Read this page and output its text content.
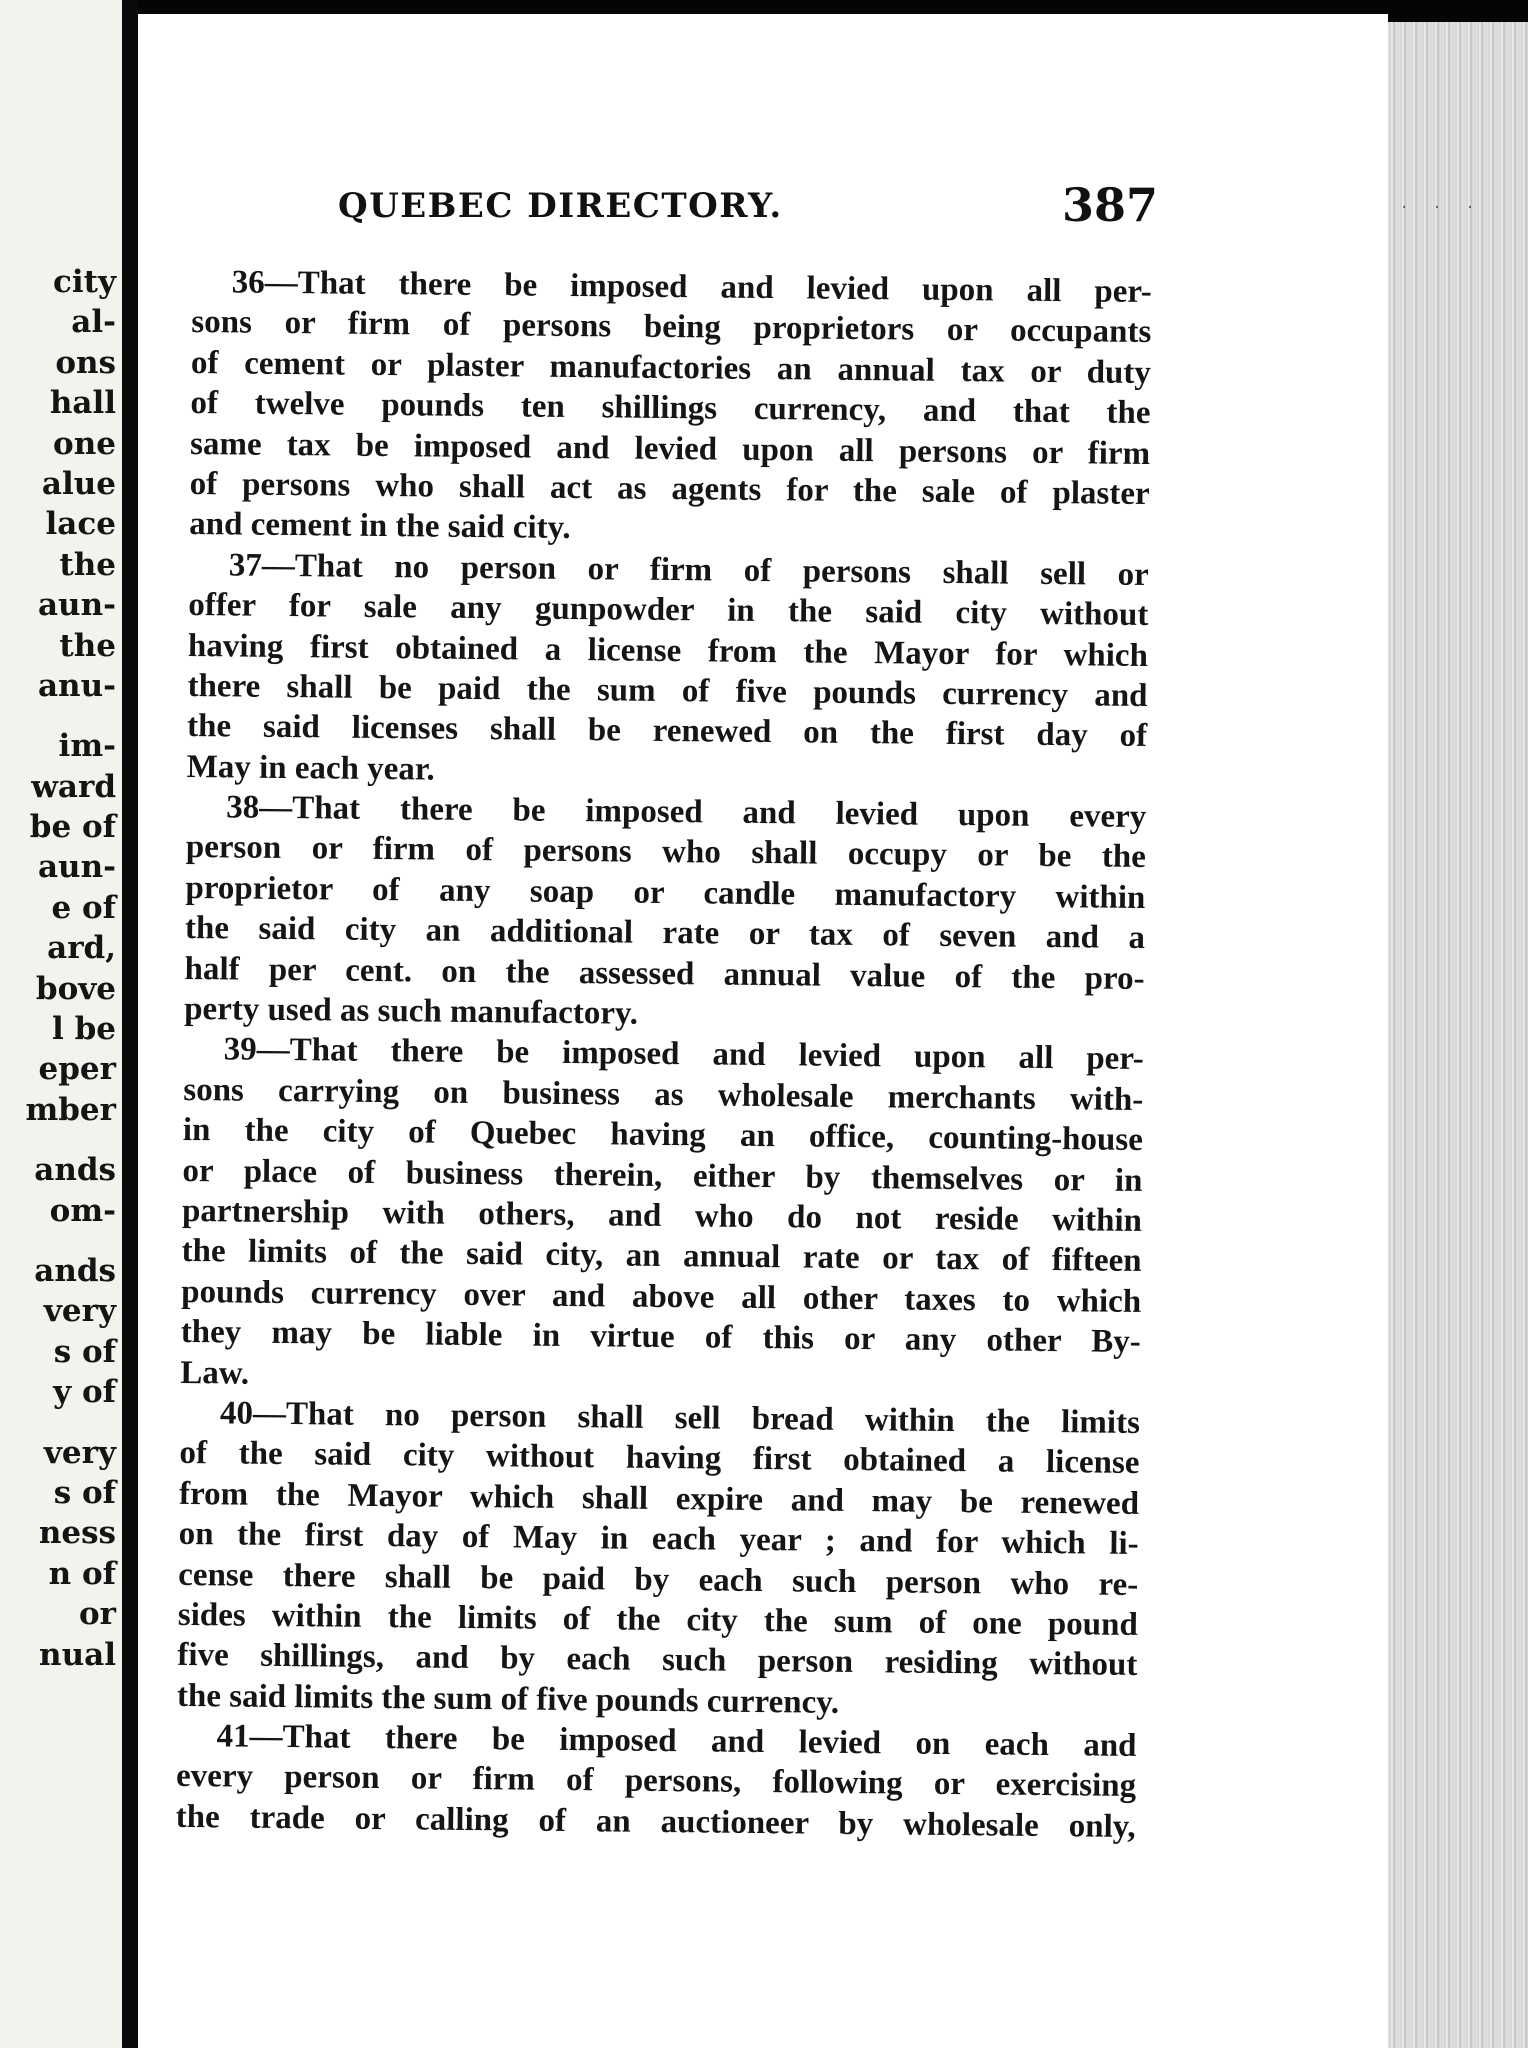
city
al-
ons
hall
one
alue
lace
the
aun-
the
anu-
im-
ward
be of
aun-
e of
ard,
bove
l be
eper
mber
ands
om-
ands
very
s of
y of
very
s of
ness
n of
or
nual
· · ·
QUEBEC DIRECTORY.	387
36—That there be imposed and levied upon all per-
sons or firm of persons being proprietors or occupants
of cement or plaster manufactories an annual tax or duty
of twelve pounds ten shillings currency, and that the
same tax be imposed and levied upon all persons or firm
of persons who shall act as agents for the sale of plaster
and cement in the said city.
37—That no person or firm of persons shall sell or
offer for sale any gunpowder in the said city without
having first obtained a license from the Mayor for which
there shall be paid the sum of five pounds currency and
the said licenses shall be renewed on the first day of
May in each year.
38—That there be imposed and levied upon every
person or firm of persons who shall occupy or be the
proprietor of any soap or candle manufactory within
the said city an additional rate or tax of seven and a
half per cent. on the assessed annual value of the pro-
perty used as such manufactory.
39—That there be imposed and levied upon all per-
sons carrying on business as wholesale merchants with-
in the city of Quebec having an office, counting-house
or place of business therein, either by themselves or in
partnership with others, and who do not reside within
the limits of the said city, an annual rate or tax of fifteen
pounds currency over and above all other taxes to which
they may be liable in virtue of this or any other By-
Law.
40—That no person shall sell bread within the limits
of the said city without having first obtained a license
from the Mayor which shall expire and may be renewed
on the first day of May in each year ; and for which li-
cense there shall be paid by each such person who re-
sides within the limits of the city the sum of one pound
five shillings, and by each such person residing without
the said limits the sum of five pounds currency.
41—That there be imposed and levied on each and
every person or firm of persons, following or exercising
the trade or calling of an auctioneer by wholesale only,
